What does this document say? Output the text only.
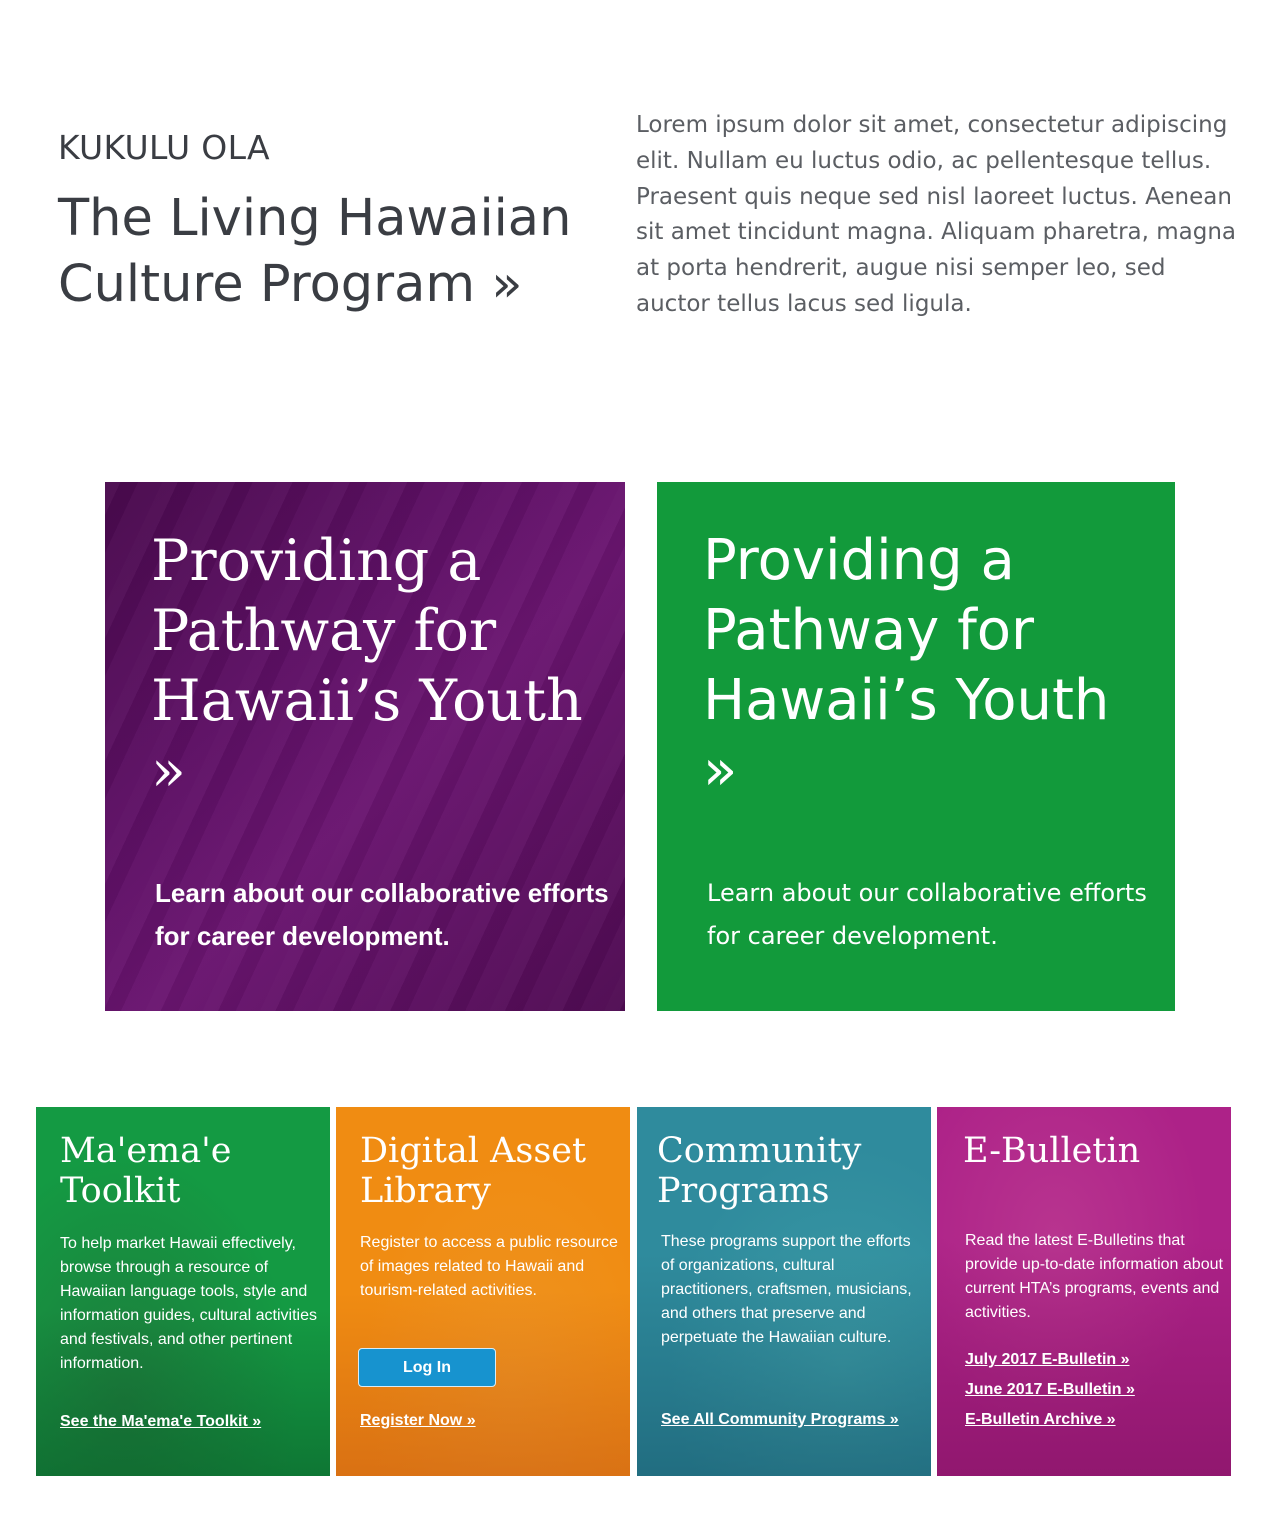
KUKULU OLA
The Living Hawaiian Culture Program »
Lorem ipsum dolor sit amet, consectetur adipiscing elit. Nullam eu luctus odio, ac pellentesque tellus. Praesent quis neque sed nisl laoreet luctus. Aenean sit amet tincidunt magna. Aliquam pharetra, magna at porta hendrerit, augue nisi semper leo, sed auctor tellus lacus sed ligula.
Providing a Pathway for Hawaii’s Youth »
Learn about our collaborative efforts for career development.
Providing a Pathway for Hawaii’s Youth »
Learn about our collaborative efforts for career development.
Ma'ema'e Toolkit
To help market Hawaii effectively, browse through a resource of Hawaiian language tools, style and information guides, cultural activities and festivals, and other pertinent information.
See the Ma'ema'e Toolkit »
Digital Asset Library
Register to access a public resource of images related to Hawaii and tourism-related activities.
Log In
Register Now »
Community Programs
These programs support the efforts of organizations, cultural practitioners, craftsmen, musicians, and others that preserve and perpetuate the Hawaiian culture.
See All Community Programs »
E-Bulletin
Read the latest E-Bulletins that provide up-to-date information about current HTA’s programs, events and activities.
July 2017 E-Bulletin »
June 2017 E-Bulletin »
E-Bulletin Archive »
